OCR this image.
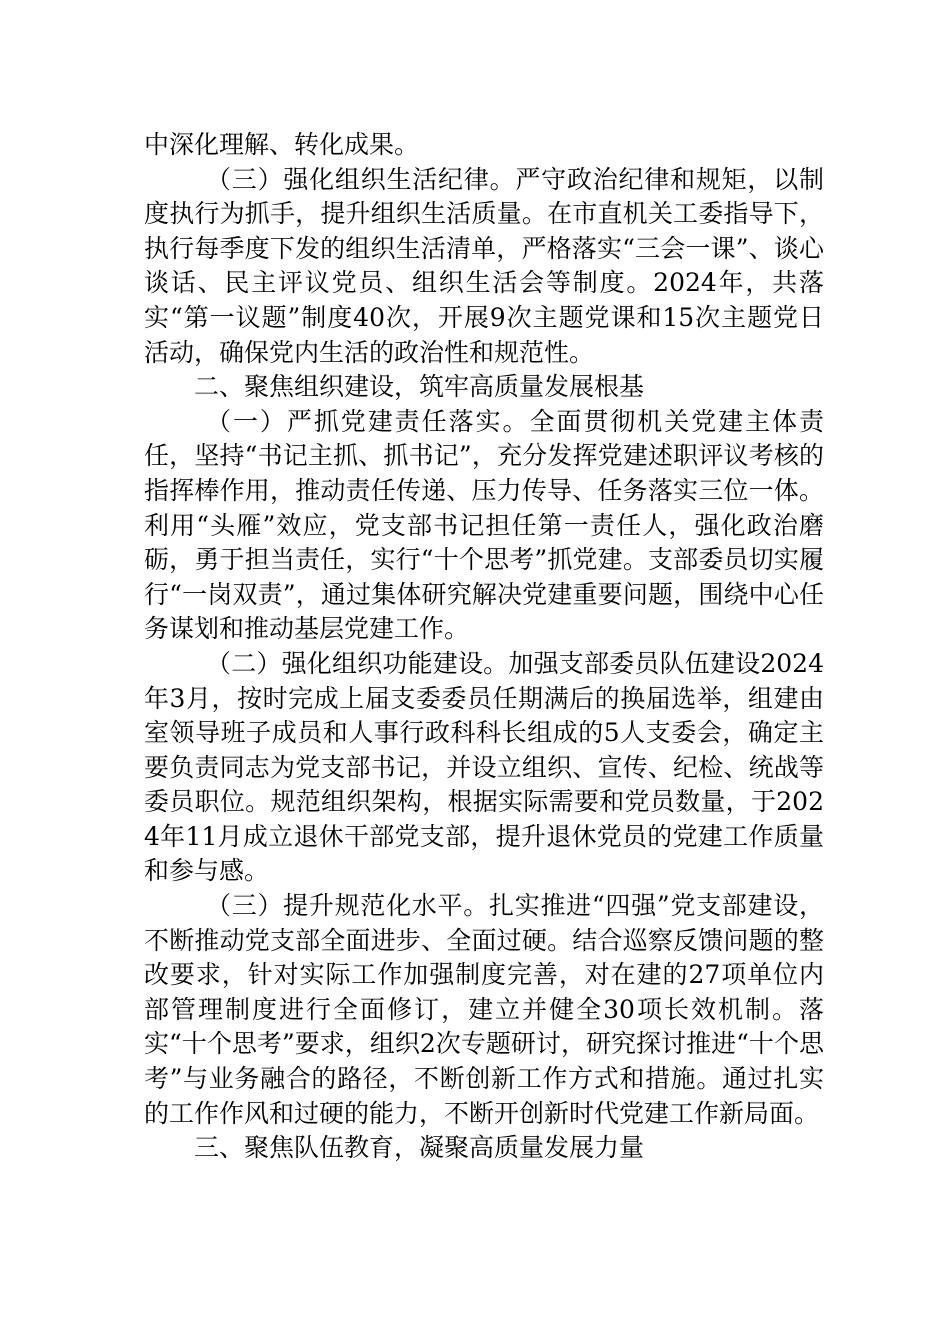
中深化理解、转化成果。

（三）强化组织生活纪律。严守政治纪律和规矩，以制度执行为抓手，提升组织生活质量。在市直机关工委指导下，执行每季度下发的组织生活清单，严格落实“三会一课”、谈心谈话、民主评议党员、组织生活会等制度。2024年，共落实“第一议题”制度40次，开展9次主题党课和15次主题党日活动，确保党内生活的政治性和规范性。

二、聚焦组织建设，筑牢高质量发展根基

（一）严抓党建责任落实。全面贯彻机关党建主体责任，坚持“书记主抓、抓书记”，充分发挥党建述职评议考核的指挥棒作用，推动责任传递、压力传导、任务落实三位一体。利用“头雁”效应，党支部书记担任第一责任人，强化政治磨砺，勇于担当责任，实行“十个思考”抓党建。支部委员切实履行“一岗双责”，通过集体研究解决党建重要问题，围绕中心任务谋划和推动基层党建工作。

（二）强化组织功能建设。加强支部委员队伍建设2024年3月，按时完成上届支委委员任期满后的换届选举，组建由室领导班子成员和人事行政科科长组成的5人支委会，确定主要负责同志为党支部书记，并设立组织、宣传、纪检、统战等委员职位。规范组织架构，根据实际需要和党员数量，于2024年11月成立退休干部党支部，提升退休党员的党建工作质量和参与感。

（三）提升规范化水平。扎实推进“四强”党支部建设，不断推动党支部全面进步、全面过硬。结合巡察反馈问题的整改要求，针对实际工作加强制度完善，对在建的27项单位内部管理制度进行全面修订，建立并健全30项长效机制。落实“十个思考”要求，组织2次专题研讨，研究探讨推进“十个思考”与业务融合的路径，不断创新工作方式和措施。通过扎实的工作作风和过硬的能力，不断开创新时代党建工作新局面。

三、聚焦队伍教育，凝聚高质量发展力量
